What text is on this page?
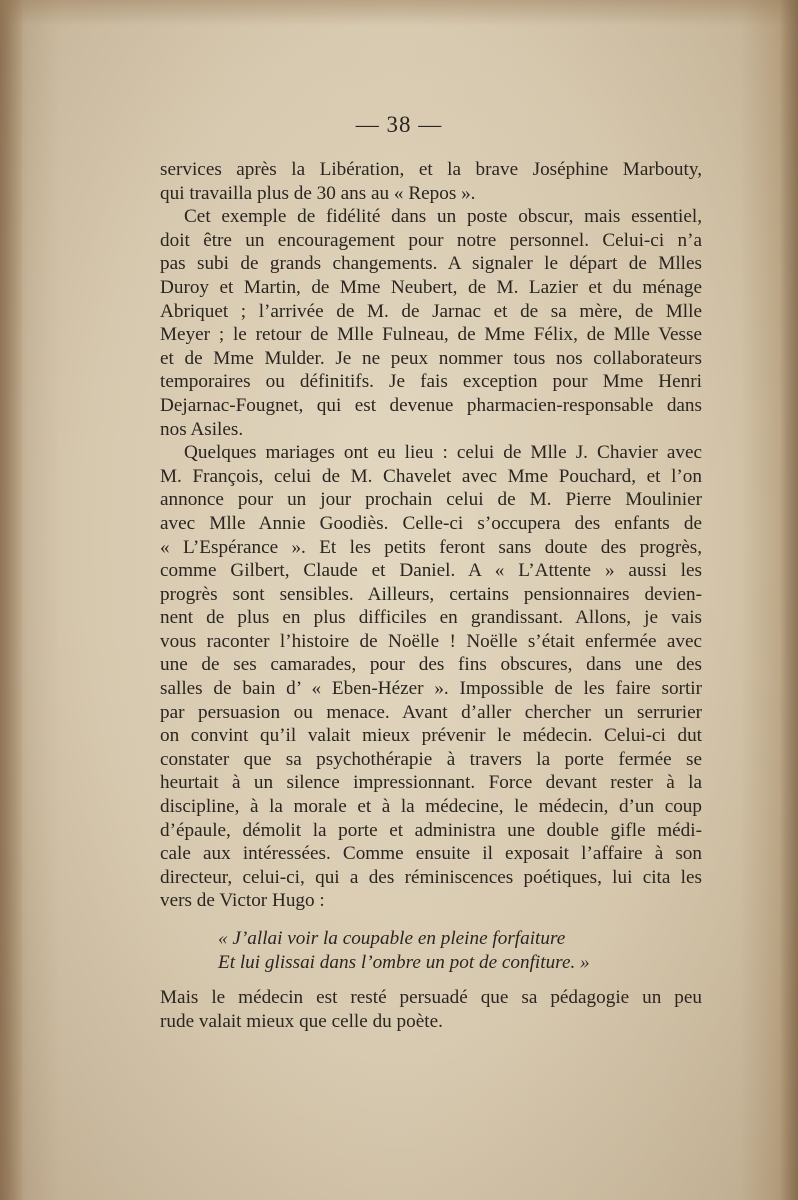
— 38 —
services après la Libération, et la brave Joséphine Marbouty,
qui travailla plus de 30 ans au « Repos ».
Cet exemple de fidélité dans un poste obscur, mais essentiel,
doit être un encouragement pour notre personnel. Celui-ci n’a
pas subi de grands changements. A signaler le départ de Mlles
Duroy et Martin, de Mme Neubert, de M. Lazier et du ménage
Abriquet ; l’arrivée de M. de Jarnac et de sa mère, de Mlle
Meyer ; le retour de Mlle Fulneau, de Mme Félix, de Mlle Vesse
et de Mme Mulder. Je ne peux nommer tous nos collaborateurs
temporaires ou définitifs. Je fais exception pour Mme Henri
Dejarnac-Fougnet, qui est devenue pharmacien-responsable dans
nos Asiles.
Quelques mariages ont eu lieu : celui de Mlle J. Chavier avec
M. François, celui de M. Chavelet avec Mme Pouchard, et l’on
annonce pour un jour prochain celui de M. Pierre Moulinier
avec Mlle Annie Goodiès. Celle-ci s’occupera des enfants de
« L’Espérance ». Et les petits feront sans doute des progrès,
comme Gilbert, Claude et Daniel. A « L’Attente » aussi les
progrès sont sensibles. Ailleurs, certains pensionnaires devien-
nent de plus en plus difficiles en grandissant. Allons, je vais
vous raconter l’histoire de Noëlle ! Noëlle s’était enfermée avec
une de ses camarades, pour des fins obscures, dans une des
salles de bain d’ « Eben-Hézer ». Impossible de les faire sortir
par persuasion ou menace. Avant d’aller chercher un serrurier
on convint qu’il valait mieux prévenir le médecin. Celui-ci dut
constater que sa psychothérapie à travers la porte fermée se
heurtait à un silence impressionnant. Force devant rester à la
discipline, à la morale et à la médecine, le médecin, d’un coup
d’épaule, démolit la porte et administra une double gifle médi-
cale aux intéressées. Comme ensuite il exposait l’affaire à son
directeur, celui-ci, qui a des réminiscences poétiques, lui cita les
vers de Victor Hugo :
« J’allai voir la coupable en pleine forfaiture
Et lui glissai dans l’ombre un pot de confiture. »
Mais le médecin est resté persuadé que sa pédagogie un peu
rude valait mieux que celle du poète.
